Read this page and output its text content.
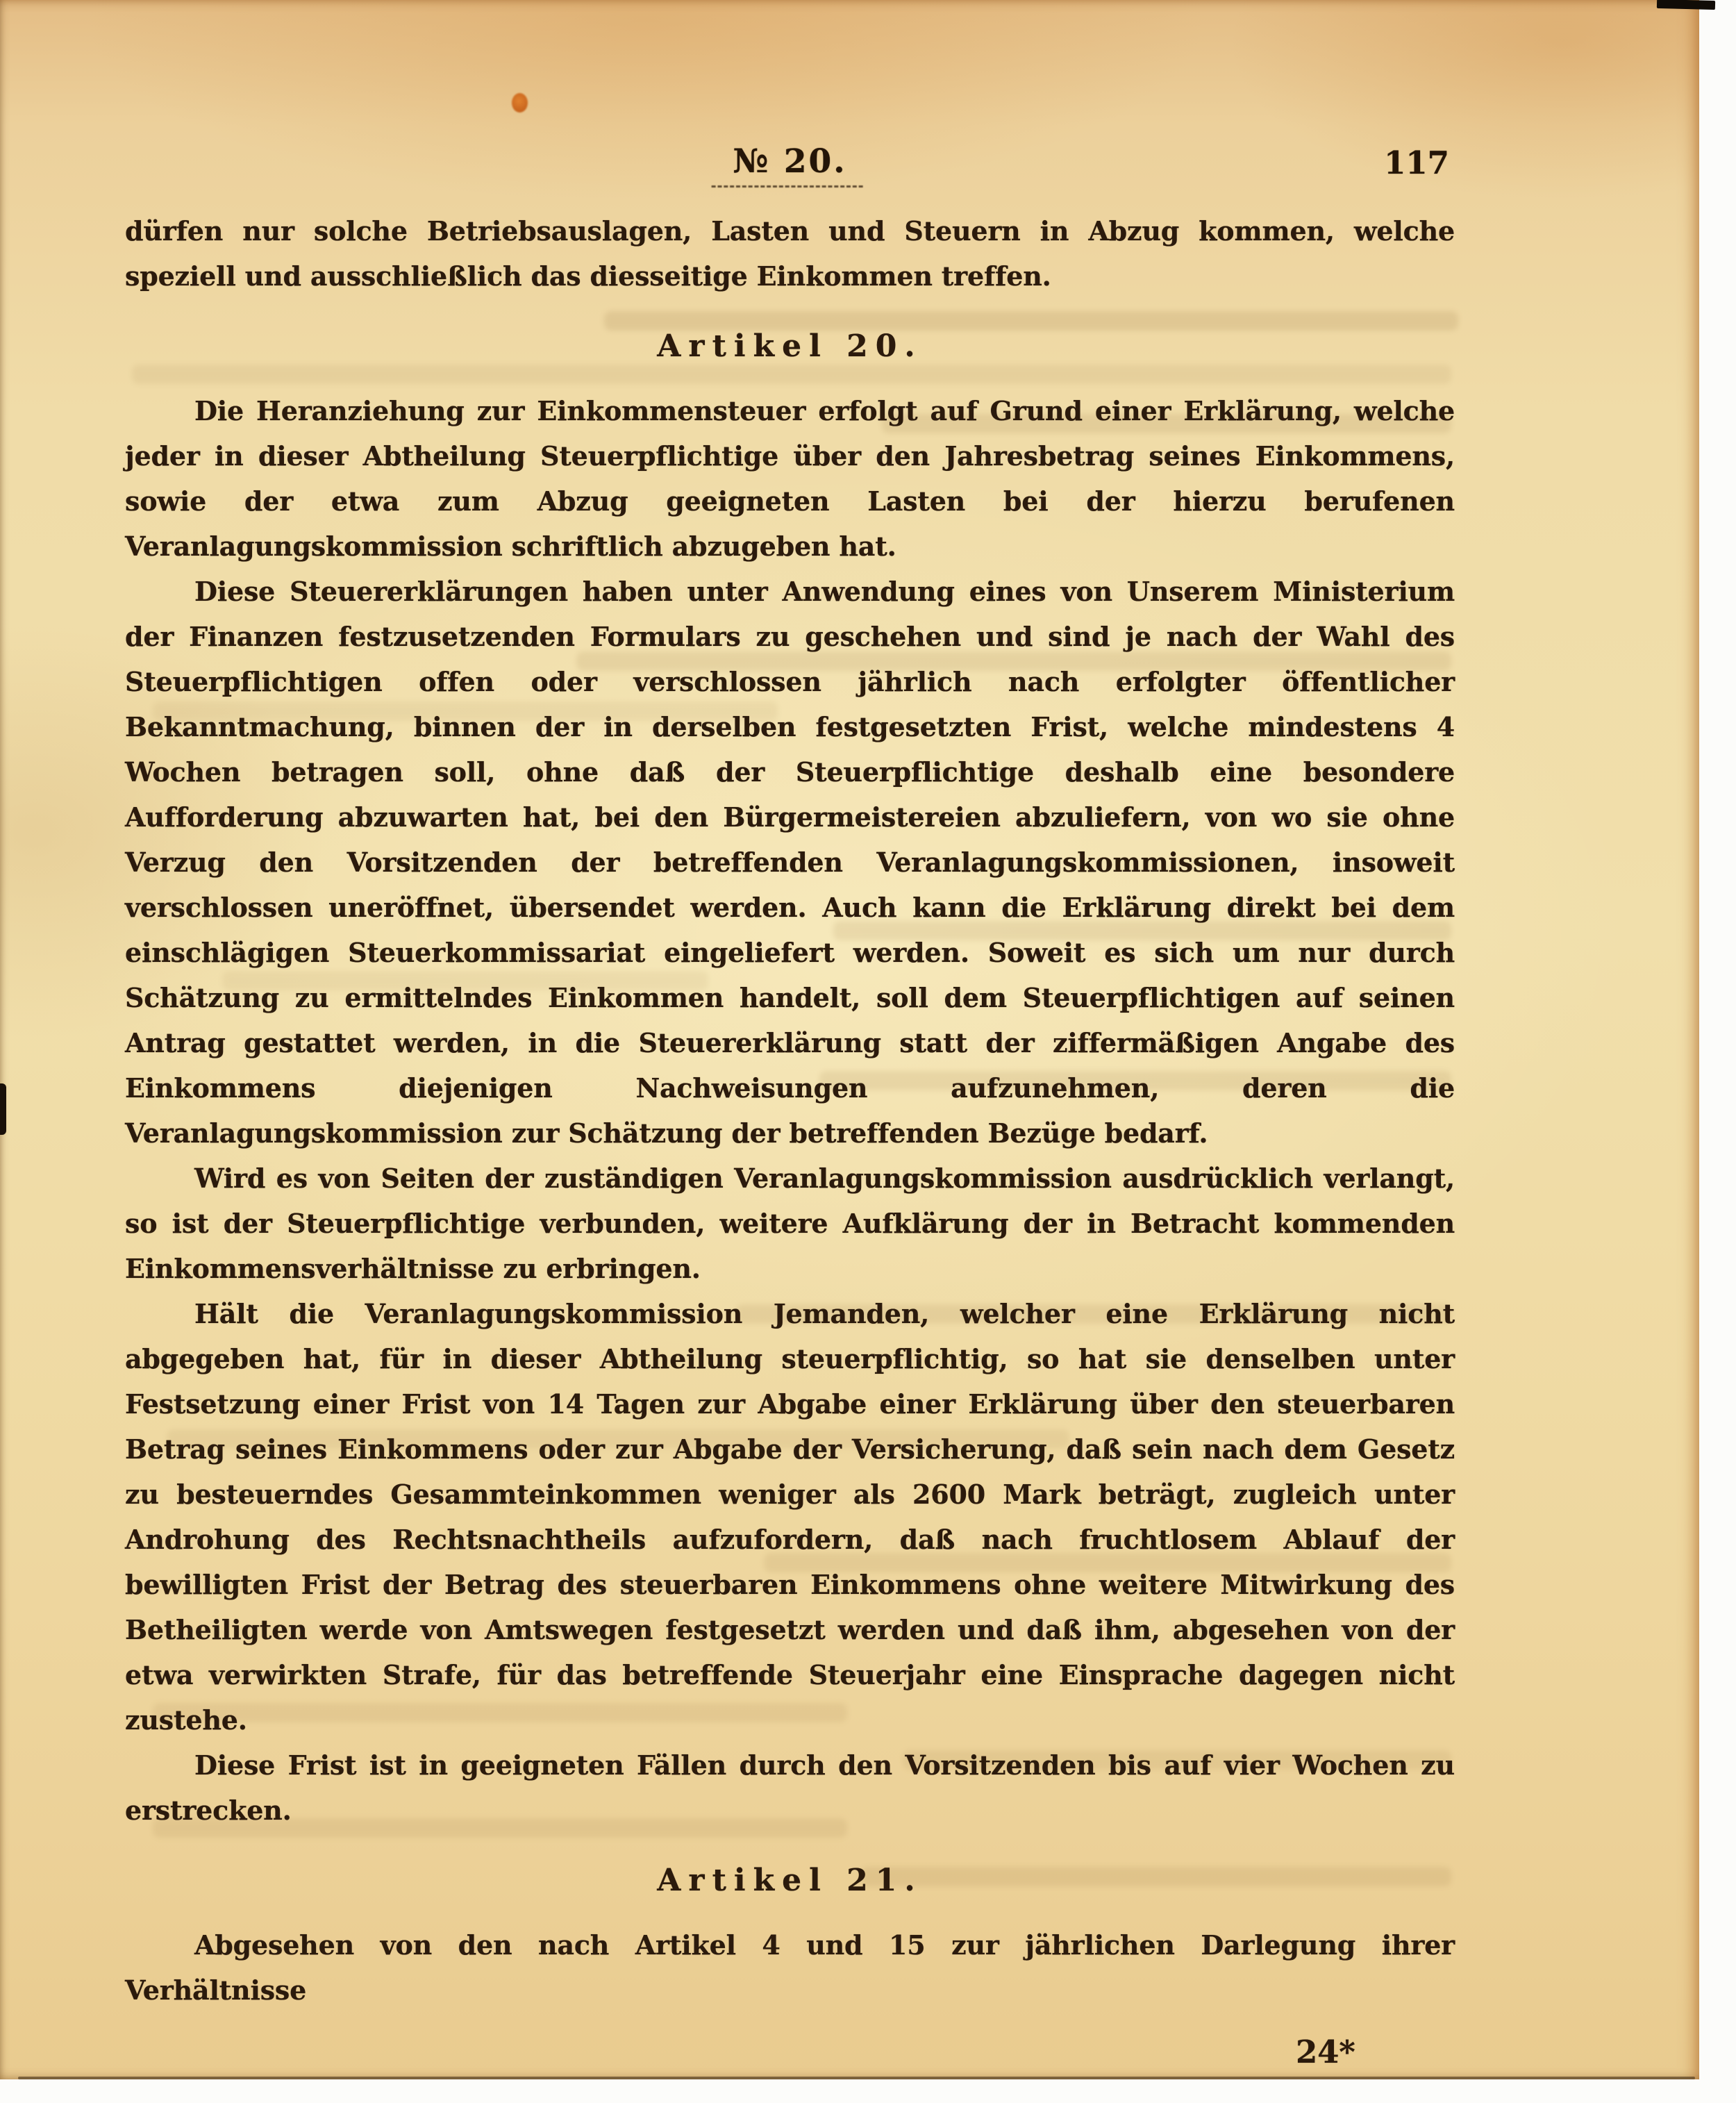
№ 20.	117

dürfen nur solche Betriebsauslagen, Lasten und Steuern in Abzug kommen, welche speziell und ausschließlich das diesseitige Einkommen treffen.

Artikel 20.

Die Heranziehung zur Einkommensteuer erfolgt auf Grund einer Erklärung, welche jeder in dieser Abtheilung Steuerpflichtige über den Jahresbetrag seines Einkommens, sowie der etwa zum Abzug geeigneten Lasten bei der hierzu berufenen Veranlagungskommission schriftlich abzugeben hat.

Diese Steuererklärungen haben unter Anwendung eines von Unserem Ministerium der Finanzen festzusetzenden Formulars zu geschehen und sind je nach der Wahl des Steuerpflichtigen offen oder verschlossen jährlich nach erfolgter öffentlicher Bekanntmachung, binnen der in derselben festgesetzten Frist, welche mindestens 4 Wochen betragen soll, ohne daß der Steuerpflichtige deshalb eine besondere Aufforderung abzuwarten hat, bei den Bürgermeistereien abzuliefern, von wo sie ohne Verzug den Vorsitzenden der betreffenden Veranlagungskommissionen, insoweit verschlossen uneröffnet, übersendet werden. Auch kann die Erklärung direkt bei dem einschlägigen Steuerkommissariat eingeliefert werden. Soweit es sich um nur durch Schätzung zu ermittelndes Einkommen handelt, soll dem Steuerpflichtigen auf seinen Antrag gestattet werden, in die Steuererklärung statt der ziffermäßigen Angabe des Einkommens diejenigen Nachweisungen aufzunehmen, deren die Veranlagungskommission zur Schätzung der betreffenden Bezüge bedarf.

Wird es von Seiten der zuständigen Veranlagungskommission ausdrücklich verlangt, so ist der Steuerpflichtige verbunden, weitere Aufklärung der in Betracht kommenden Einkommensverhältnisse zu erbringen.

Hält die Veranlagungskommission Jemanden, welcher eine Erklärung nicht abgegeben hat, für in dieser Abtheilung steuerpflichtig, so hat sie denselben unter Festsetzung einer Frist von 14 Tagen zur Abgabe einer Erklärung über den steuerbaren Betrag seines Einkommens oder zur Abgabe der Versicherung, daß sein nach dem Gesetz zu besteuerndes Gesammteinkommen weniger als 2600 Mark beträgt, zugleich unter Androhung des Rechtsnachtheils aufzufordern, daß nach fruchtlosem Ablauf der bewilligten Frist der Betrag des steuerbaren Einkommens ohne weitere Mitwirkung des Betheiligten werde von Amtswegen festgesetzt werden und daß ihm, abgesehen von der etwa verwirkten Strafe, für das betreffende Steuerjahr eine Einsprache dagegen nicht zustehe.

Diese Frist ist in geeigneten Fällen durch den Vorsitzenden bis auf vier Wochen zu erstrecken.

Artikel 21.

Abgesehen von den nach Artikel 4 und 15 zur jährlichen Darlegung ihrer Verhältnisse

24*
